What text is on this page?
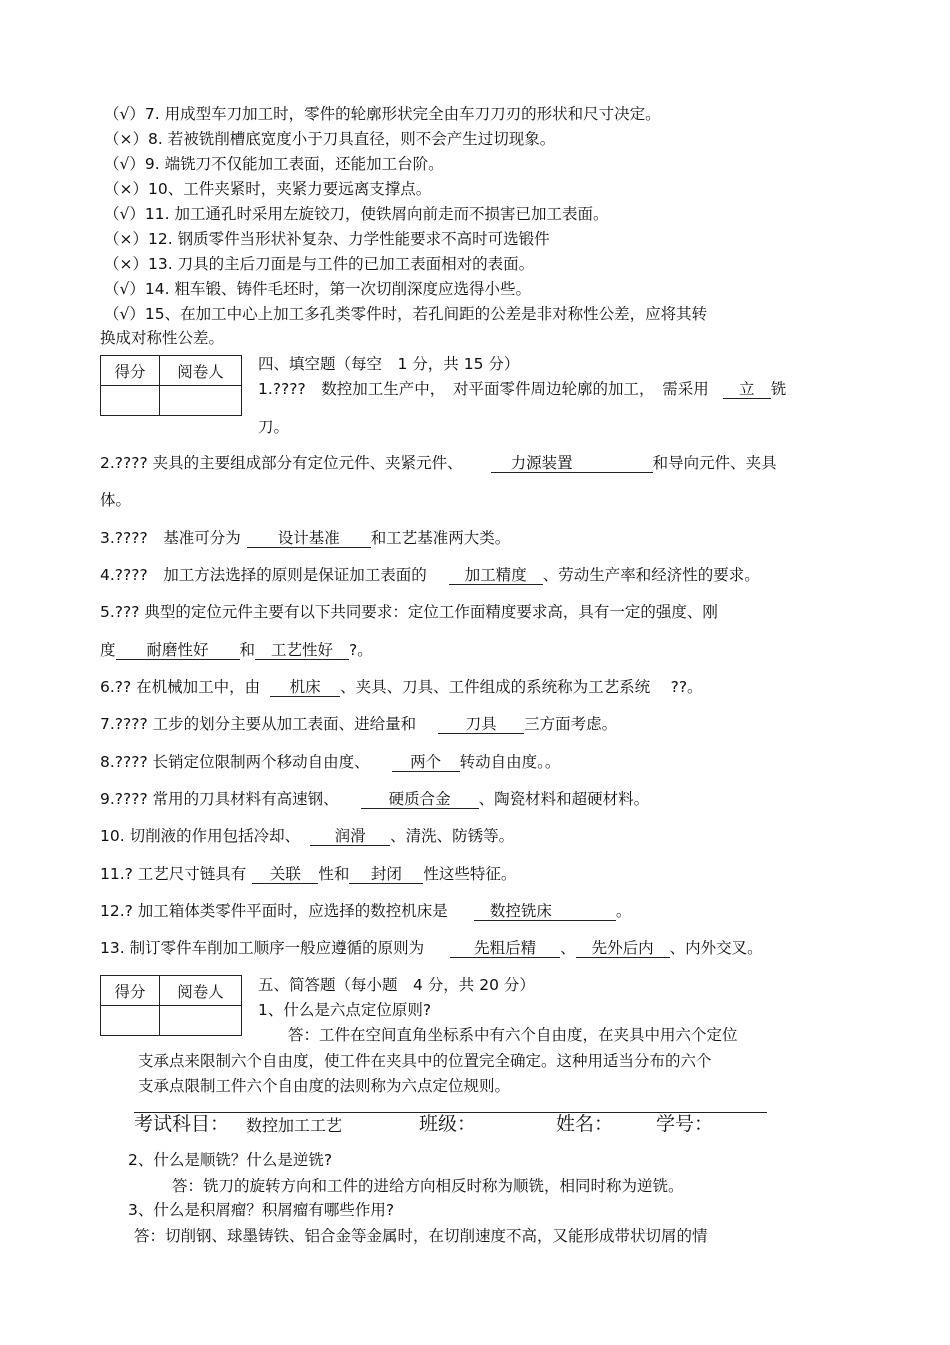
（√）7. 用成型车刀加工时，零件的轮廓形状完全由车刀刀刃的形状和尺寸决定。
（×）8. 若被铣削槽底宽度小于刀具直径，则不会产生过切现象。
（√）9. 端铣刀不仅能加工表面，还能加工台阶。
（×）10、工件夹紧时，夹紧力要远离支撑点。
（√）11. 加工通孔时采用左旋铰刀，使铁屑向前走而不损害已加工表面。
（×）12. 钢质零件当形状补复杂、力学性能要求不高时可选锻件
（×）13. 刀具的主后刀面是与工件的已加工表面相对的表面。
（√）14. 粗车锻、铸件毛坯时，第一次切削深度应选得小些。
（√）15、在加工中心上加工多孔类零件时，若孔间距的公差是非对称性公差，应将其转
换成对称性公差。
得分	阅卷人
	四、填空题（每空　1 分，共 15 分）
1.????　数控加工生产中，　对平面零件周边轮廓的加工，　需采用 立 铣
刀。
2.???? 夹具的主要组成部分有定位元件、夹紧元件、	力源装置	和导向元件、夹具
体。
3.????　基准可分为 设计基准 和工艺基准两大类。
4.????　加工方法选择的原则是保证加工表面的 加工精度 、劳动生产率和经济性的要求。
5.??? 典型的定位元件主要有以下共同要求：定位工作面精度要求高，具有一定的强度、刚
度 耐磨性好 和 工艺性好 ?。
6.?? 在机械加工中，由 机床 、夹具、刀具、工件组成的系统称为工艺系统　 ??。
7.???? 工步的划分主要从加工表面、进给量和	刀具 三方面考虑。
8.???? 长销定位限制两个移动自由度、	两个 转动自由度。。
9.???? 常用的刀具材料有高速钢、	硬质合金 、陶瓷材料和超硬材料。
10. 切削液的作用包括冷却、 润滑 、清洗、防锈等。
11.? 工艺尺寸链具有 关联 性和 封闭 性这些特征。
12.? 加工箱体类零件平面时，应选择的数控机床是	数控铣床	。
13. 制订零件车削加工顺序一般应遵循的原则为	先粗后精 、 先外后内 、内外交叉。
得分	阅卷人
	五、简答题（每小题　4 分，共 20 分）
1、什么是六点定位原则?
答：工件在空间直角坐标系中有六个自由度，在夹具中用六个定位
支承点来限制六个自由度，使工件在夹具中的位置完全确定。这种用适当分布的六个
支承点限制工件六个自由度的法则称为六点定位规则。
考试科目： 数控加工工艺	班级：	姓名： 学号：
2、什么是顺铣？什么是逆铣?
答：铣刀的旋转方向和工件的进给方向相反时称为顺铣，相同时称为逆铣。
3、什么是积屑瘤？积屑瘤有哪些作用?
答：切削钢、球墨铸铁、铝合金等金属时，在切削速度不高，又能形成带状切屑的情
